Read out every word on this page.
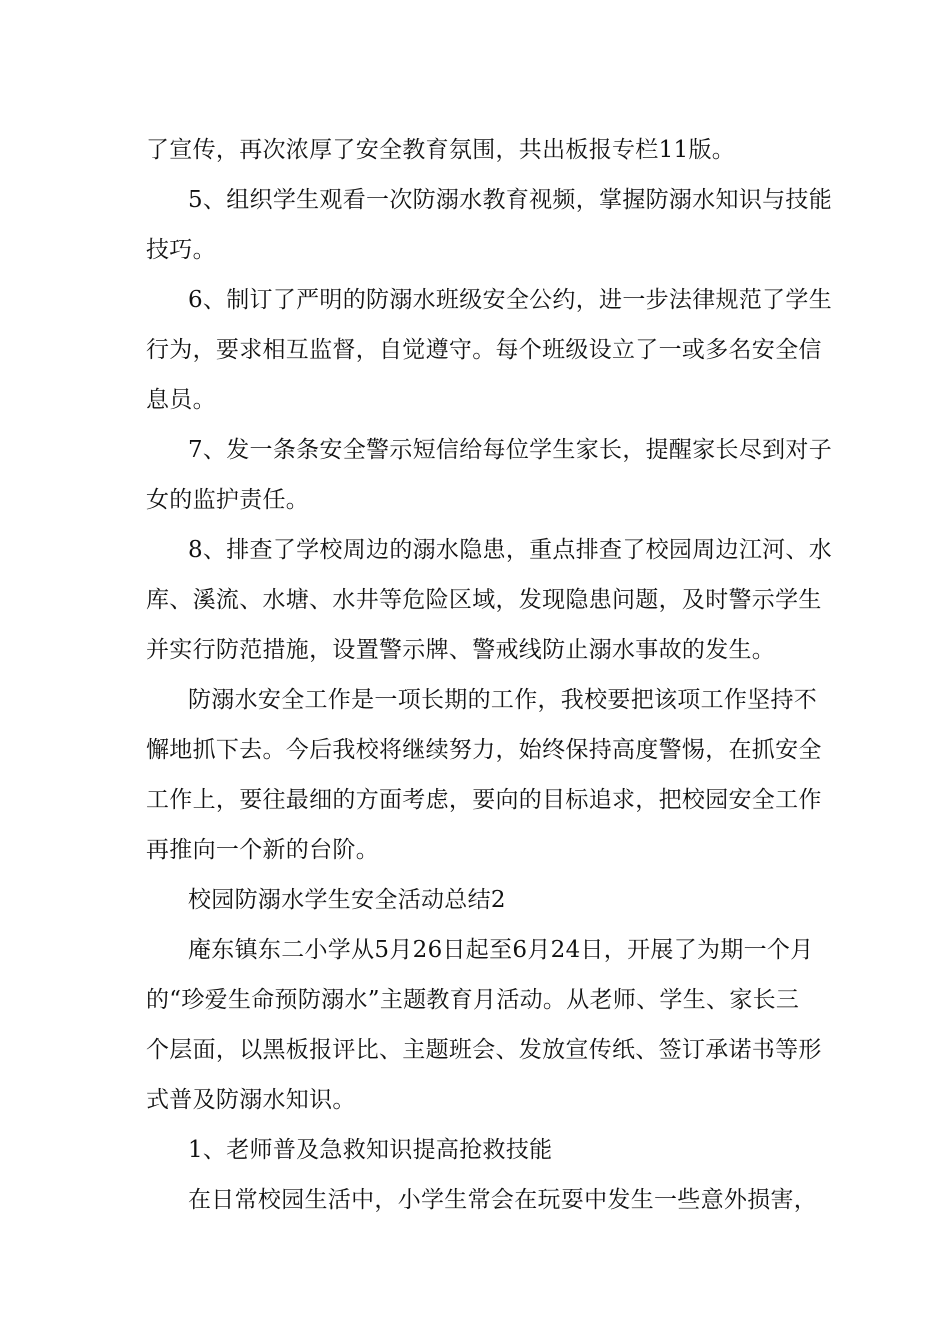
了宣传，再次浓厚了安全教育氛围，共出板报专栏11版。

5、组织学生观看一次防溺水教育视频，掌握防溺水知识与技能

技巧。

6、制订了严明的防溺水班级安全公约，进一步法律规范了学生

行为，要求相互监督，自觉遵守。每个班级设立了一或多名安全信

息员。

7、发一条条安全警示短信给每位学生家长，提醒家长尽到对子

女的监护责任。

8、排查了学校周边的溺水隐患，重点排查了校园周边江河、水

库、溪流、水塘、水井等危险区域，发现隐患问题，及时警示学生

并实行防范措施，设置警示牌、警戒线防止溺水事故的发生。

防溺水安全工作是一项长期的工作，我校要把该项工作坚持不

懈地抓下去。今后我校将继续努力，始终保持高度警惕，在抓安全

工作上，要往最细的方面考虑，要向的目标追求，把校园安全工作

再推向一个新的台阶。

校园防溺水学生安全活动总结2

庵东镇东二小学从5月26日起至6月24日，开展了为期一个月

的“珍爱生命预防溺水”主题教育月活动。从老师、学生、家长三

个层面，以黑板报评比、主题班会、发放宣传纸、签订承诺书等形

式普及防溺水知识。

1、老师普及急救知识提高抢救技能

在日常校园生活中，小学生常会在玩耍中发生一些意外损害，
